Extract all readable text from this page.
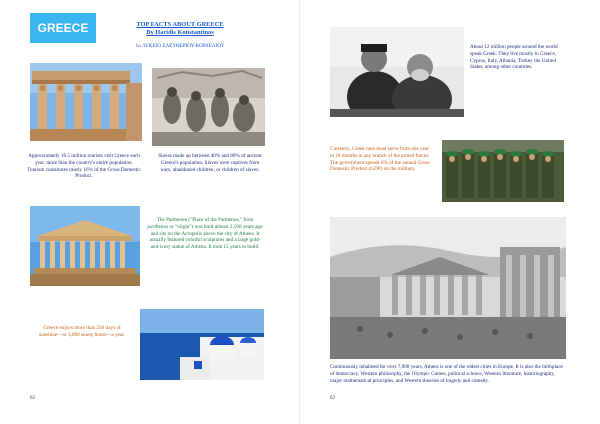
GREECE	TOP FACTS ABOUT GREECE
By Haridis Konstantinos
1o ΛΥΚΕΙΟ ΕΛΕΥΘΕΡΙΟΥ-ΚΟΡΔΕΛΙΟΥ
Approximately 16.5 million tourists visit Greece each year, more than the country's entire population. Tourism constitutes nearly 16% of the Gross Domestic Product.
Slaves made up between 40% and 80% of ancient Greece's population. Slaves were captives from wars, abandoned children, or children of slaves.
The Parthenon ("Place of the Parthenos," from parthenos or "virgin") was built almost 2,500 years ago and sits on the Acropolis above the city of Athens. It actually featured colorful sculptures and a large gold-and-ivory statue of Athena. It took 15 years to build.
Greece enjoys more than 250 days of sunshine—or 3,000 sunny hours—a year.
62
About 12 million people around the world speak Greek. They live mostly in Greece, Cyprus, Italy, Albania, Turkey the United States, among other countries.
Currently, Greek men must serve from one year to 18 months in any branch of the armed forces. The government spends 6% of the annual Gross Domestic Product (GDP) on the military.
Continuously inhabited for over 7,000 years, Athens is one of the oldest cities in Europe. It is also the birthplace of democracy, Western philosophy, the Olympic Games, political science, Western literature, historiography, major mathematical principles, and Western theories of tragedy and comedy.
63
